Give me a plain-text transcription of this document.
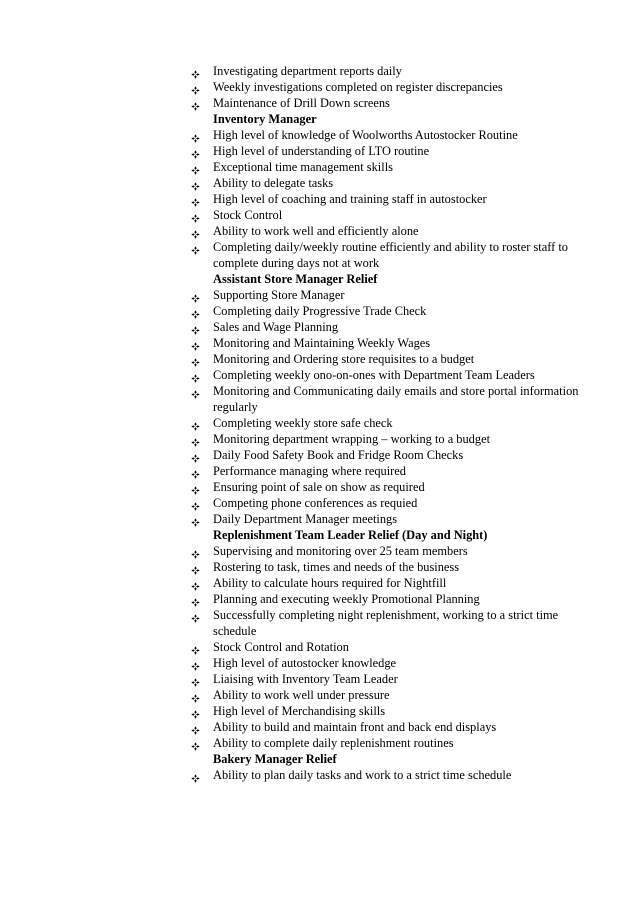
Investigating department reports daily
Weekly investigations completed on register discrepancies
Maintenance of Drill Down screens
Inventory Manager
High level of knowledge of Woolworths Autostocker Routine
High level of understanding of LTO routine
Exceptional time management skills
Ability to delegate tasks
High level of coaching and training staff in autostocker
Stock Control
Ability to work well and efficiently alone
Completing daily/weekly routine efficiently and ability to roster staff to complete during days not at work
Assistant Store Manager Relief
Supporting Store Manager
Completing daily Progressive Trade Check
Sales and Wage Planning
Monitoring and Maintaining Weekly Wages
Monitoring and Ordering store requisites to a budget
Completing weekly ono-on-ones with Department Team Leaders
Monitoring and Communicating daily emails and store portal information regularly
Completing weekly store safe check
Monitoring department wrapping – working to a budget
Daily Food Safety Book and Fridge Room Checks
Performance managing where required
Ensuring point of sale on show as required
Competing phone conferences as requied
Daily Department Manager meetings
Replenishment Team Leader Relief (Day and Night)
Supervising and monitoring over 25 team members
Rostering to task, times and needs of the business
Ability to calculate hours required for Nightfill
Planning and executing weekly Promotional Planning
Successfully completing night replenishment, working to a strict time schedule
Stock Control and Rotation
High level of autostocker knowledge
Liaising with Inventory Team Leader
Ability to work well under pressure
High level of Merchandising skills
Ability to build and maintain front and back end displays
Ability to complete daily replenishment routines
Bakery Manager Relief
Ability to plan daily tasks and work to a strict time schedule
